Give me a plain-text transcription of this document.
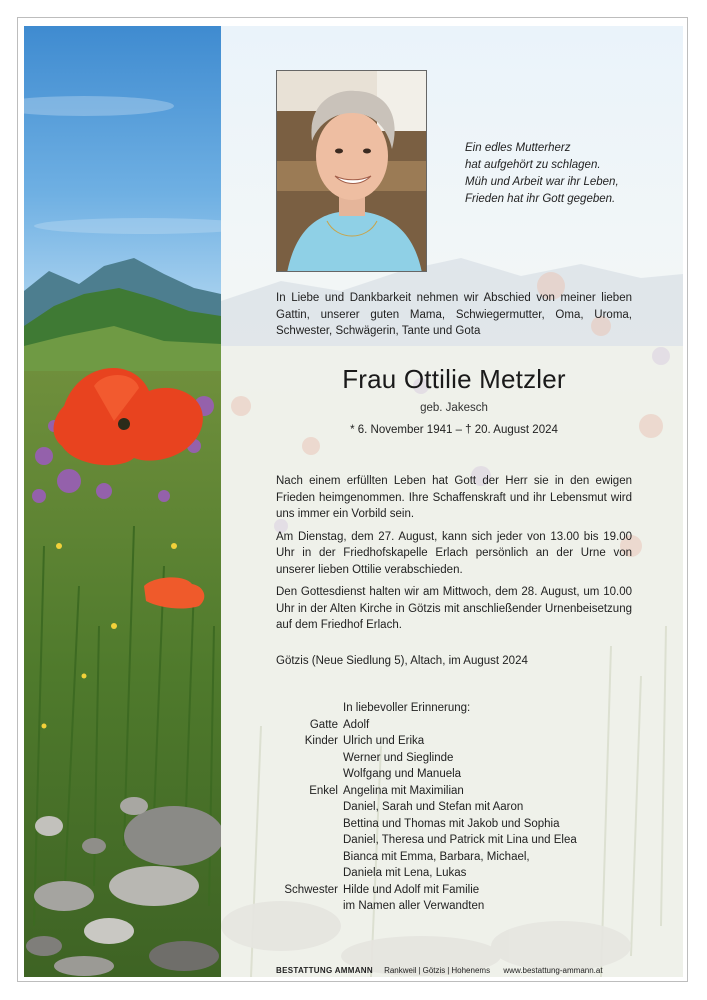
Ein edles Mutterherz
hat aufgehört zu schlagen.
Müh und Arbeit war ihr Leben,
Frieden hat ihr Gott gegeben.
In Liebe und Dankbarkeit nehmen wir Abschied von meiner lieben Gattin, unserer guten Mama, Schwiegermutter, Oma, Uroma, Schwester, Schwägerin, Tante und Gota
Frau Ottilie Metzler
geb. Jakesch
* 6. November 1941 – † 20. August 2024

Nach einem erfüllten Leben hat Gott der Herr sie in den ewigen Frieden heimgenommen. Ihre Schaffenskraft und ihr Lebensmut wird uns immer ein Vorbild sein.

Am Dienstag, dem 27. August, kann sich jeder von 13.00 bis 19.00 Uhr in der Friedhofskapelle Erlach persönlich an der Urne von unserer lieben Ottilie verabschieden.

Den Gottesdienst halten wir am Mittwoch, dem 28. August, um 10.00 Uhr in der Alten Kirche in Götzis mit anschließender Urnenbeisetzung auf dem Friedhof Erlach.

Götzis (Neue Siedlung 5), Altach, im August 2024
In liebevoller Erinnerung:
Gatte Adolf
Kinder Ulrich und Erika
Werner und Sieglinde
Wolfgang und Manuela
Enkel Angelina mit Maximilian
Daniel, Sarah und Stefan mit Aaron
Bettina und Thomas mit Jakob und Sophia
Daniel, Theresa und Patrick mit Lina und Elea
Bianca mit Emma, Barbara, Michael,
Daniela mit Lena, Lukas
Schwester Hilde und Adolf mit Familie
im Namen aller Verwandten
BESTATTUNG AMMANN Rankweil | Götzis | Hohenems www.bestattung-ammann.at
